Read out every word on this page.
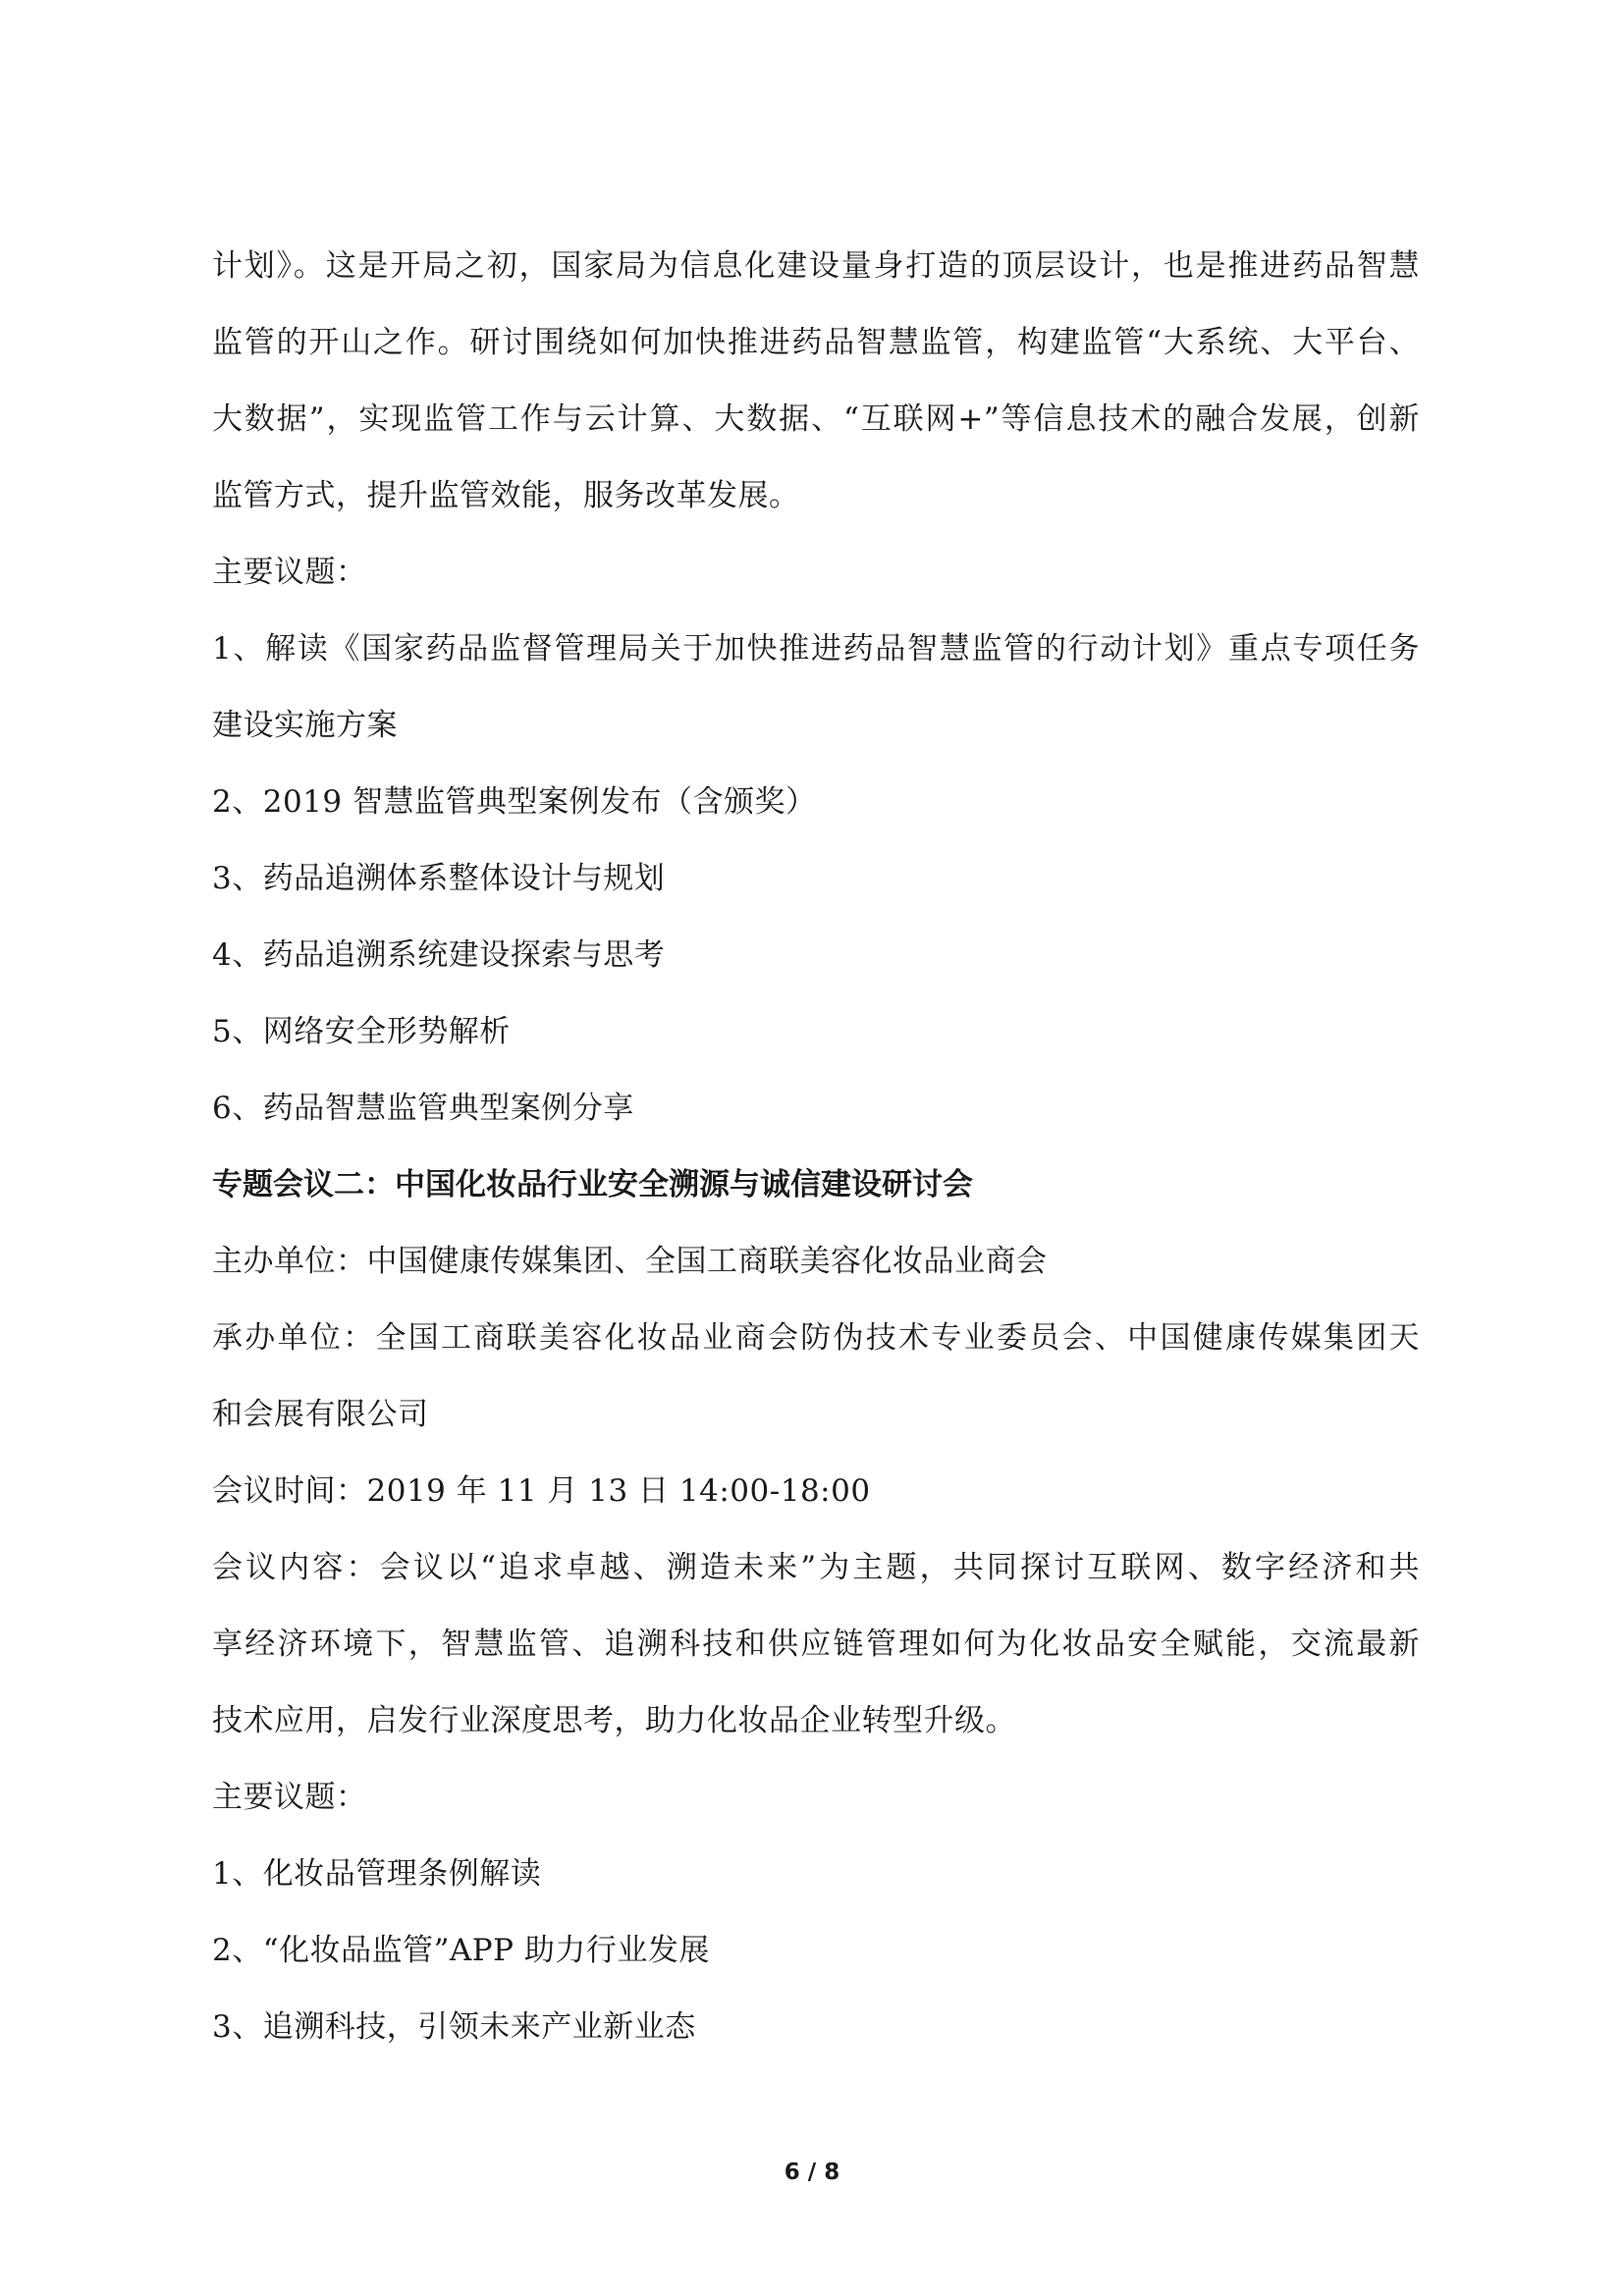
计划》。这是开局之初，国家局为信息化建设量身打造的顶层设计，也是推进药品智慧
监管的开山之作。研讨围绕如何加快推进药品智慧监管，构建监管“大系统、大平台、
大数据”，实现监管工作与云计算、大数据、“互联网+”等信息技术的融合发展，创新
监管方式，提升监管效能，服务改革发展。
主要议题：
1、解读《国家药品监督管理局关于加快推进药品智慧监管的行动计划》重点专项任务
建设实施方案
2、2019 智慧监管典型案例发布（含颁奖）
3、药品追溯体系整体设计与规划
4、药品追溯系统建设探索与思考
5、网络安全形势解析
6、药品智慧监管典型案例分享
专题会议二：中国化妆品行业安全溯源与诚信建设研讨会
主办单位：中国健康传媒集团、全国工商联美容化妆品业商会
承办单位：全国工商联美容化妆品业商会防伪技术专业委员会、中国健康传媒集团天
和会展有限公司
会议时间：2019 年 11 月 13 日 14:00-18:00
会议内容：会议以“追求卓越、溯造未来”为主题，共同探讨互联网、数字经济和共
享经济环境下，智慧监管、追溯科技和供应链管理如何为化妆品安全赋能，交流最新
技术应用，启发行业深度思考，助力化妆品企业转型升级。
主要议题：
1、化妆品管理条例解读
2、“化妆品监管”APP 助力行业发展
3、追溯科技，引领未来产业新业态
6 / 8
